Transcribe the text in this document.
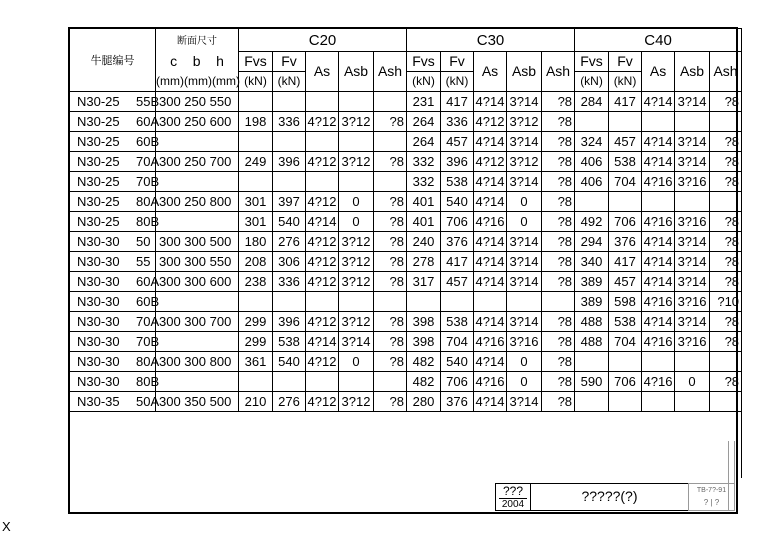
牛腿编号	断面尺寸	C20					C30					C40				
	c b h	Fvs	Fv	As	Asb	Ash	Fvs	Fv	As	Asb	Ash	Fvs	Fv	As	Asb	Ash
	(mm)(mm)(mm)	(kN)	(kN)				(kN)	(kN)				(kN)	(kN)			

N30-25 55B	300 250 550						231	417	4?14	3?14	?8	284	417	4?14	3?14	?8

N30-25 60A	300 250 600	198	336	4?12	3?12	?8	264	336	4?12	3?12	?8					

N30-25 60B							264	457	4?14	3?14	?8	324	457	4?14	3?14	?8

N30-25 70A	300 250 700	249	396	4?12	3?12	?8	332	396	4?12	3?12	?8	406	538	4?14	3?14	?8

N30-25 70B							332	538	4?14	3?14	?8	406	704	4?16	3?16	?8

N30-25 80A	300 250 800	301	397	4?12	0	?8	401	540	4?14	0	?8					

N30-25 80B		301	540	4?14	0	?8	401	706	4?16	0	?8	492	706	4?16	3?16	?8

N30-30 50	300 300 500	180	276	4?12	3?12	?8	240	376	4?14	3?14	?8	294	376	4?14	3?14	?8

N30-30 55	300 300 550	208	306	4?12	3?12	?8	278	417	4?14	3?14	?8	340	417	4?14	3?14	?8

N30-30 60A	300 300 600	238	336	4?12	3?12	?8	317	457	4?14	3?14	?8	389	457	4?14	3?14	?8

N30-30 60B												389	598	4?16	3?16	?10

N30-30 70A	300 300 700	299	396	4?12	3?12	?8	398	538	4?14	3?14	?8	488	538	4?14	3?14	?8

N30-30 70B		299	538	4?14	3?14	?8	398	704	4?16	3?16	?8	488	704	4?16	3?16	?8

N30-30 80A	300 300 800	361	540	4?12	0	?8	482	540	4?14	0	?8					

N30-30 80B							482	706	4?16	0	?8	590	706	4?16	0	?8

N30-35 50A	300 350 500	210	276	4?12	3?12	?8	280	376	4?14	3?14	?8					

???
2004
?????(?)	TB-7?-91
? | ?
X
